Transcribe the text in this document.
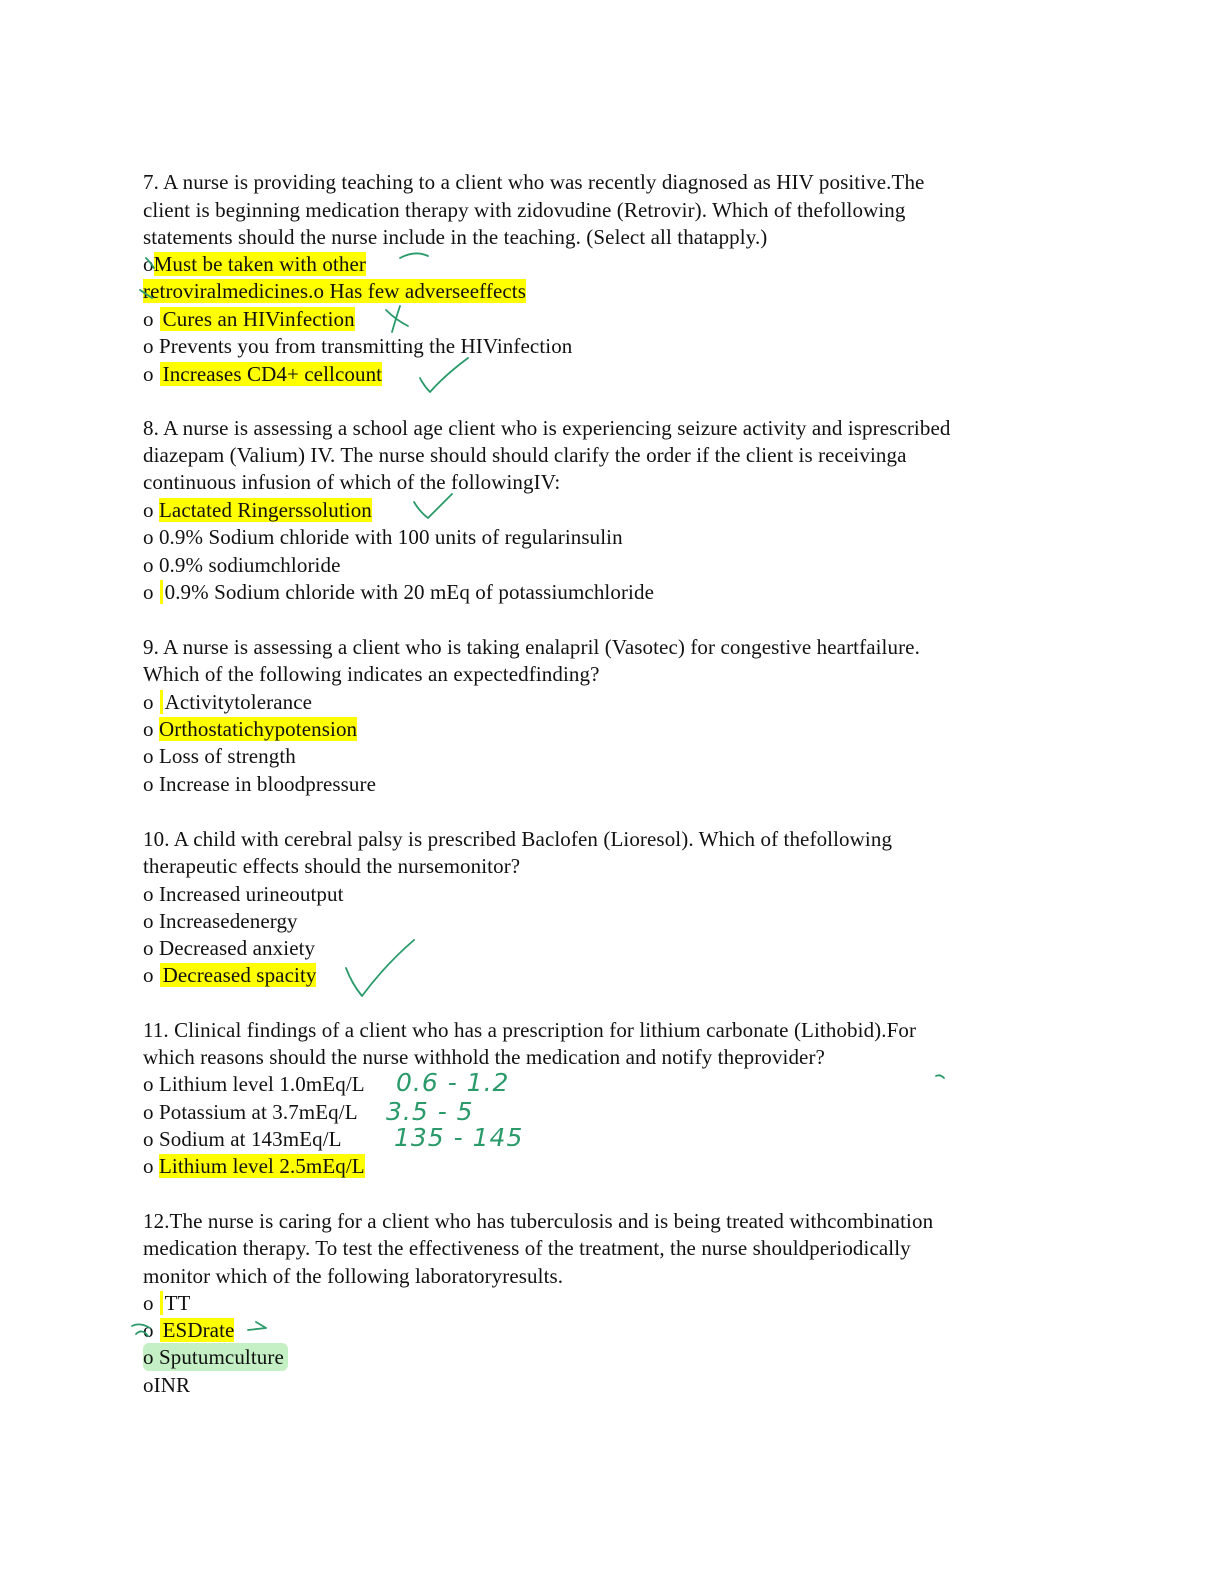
7. A nurse is providing teaching to a client who was recently diagnosed as HIV positive.The
client is beginning medication therapy with zidovudine (Retrovir). Which of thefollowing
statements should the nurse include in the teaching. (Select all thatapply.)
oMust be taken with other
retroviralmedicines.o Has few adverseeffects
o Cures an HIVinfection
o Prevents you from transmitting the HIVinfection
o Increases CD4+ cellcount
8. A nurse is assessing a school age client who is experiencing seizure activity and isprescribed
diazepam (Valium) IV. The nurse should should clarify the order if the client is receivinga
continuous infusion of which of the followingIV:
o Lactated Ringerssolution
o 0.9% Sodium chloride with 100 units of regularinsulin
o 0.9% sodiumchloride
o 0.9% Sodium chloride with 20 mEq of potassiumchloride
9. A nurse is assessing a client who is taking enalapril (Vasotec) for congestive heartfailure.
Which of the following indicates an expectedfinding?
o Activitytolerance
o Orthostatichypotension
o Loss of strength
o Increase in bloodpressure
10. A child with cerebral palsy is prescribed Baclofen (Lioresol). Which of thefollowing
therapeutic effects should the nursemonitor?
o Increased urineoutput
o Increasedenergy
o Decreased anxiety
o Decreased spacity
11. Clinical findings of a client who has a prescription for lithium carbonate (Lithobid).For
which reasons should the nurse withhold the medication and notify theprovider?
o Lithium level 1.0mEq/L
o Potassium at 3.7mEq/L
o Sodium at 143mEq/L
o Lithium level 2.5mEq/L
0.6 - 1.2
3.5 - 5
135 - 145
12.The nurse is caring for a client who has tuberculosis and is being treated withcombination
medication therapy. To test the effectiveness of the treatment, the nurse shouldperiodically
monitor which of the following laboratoryresults.
o TT
o ESDrate
o Sputumculture
oINR
